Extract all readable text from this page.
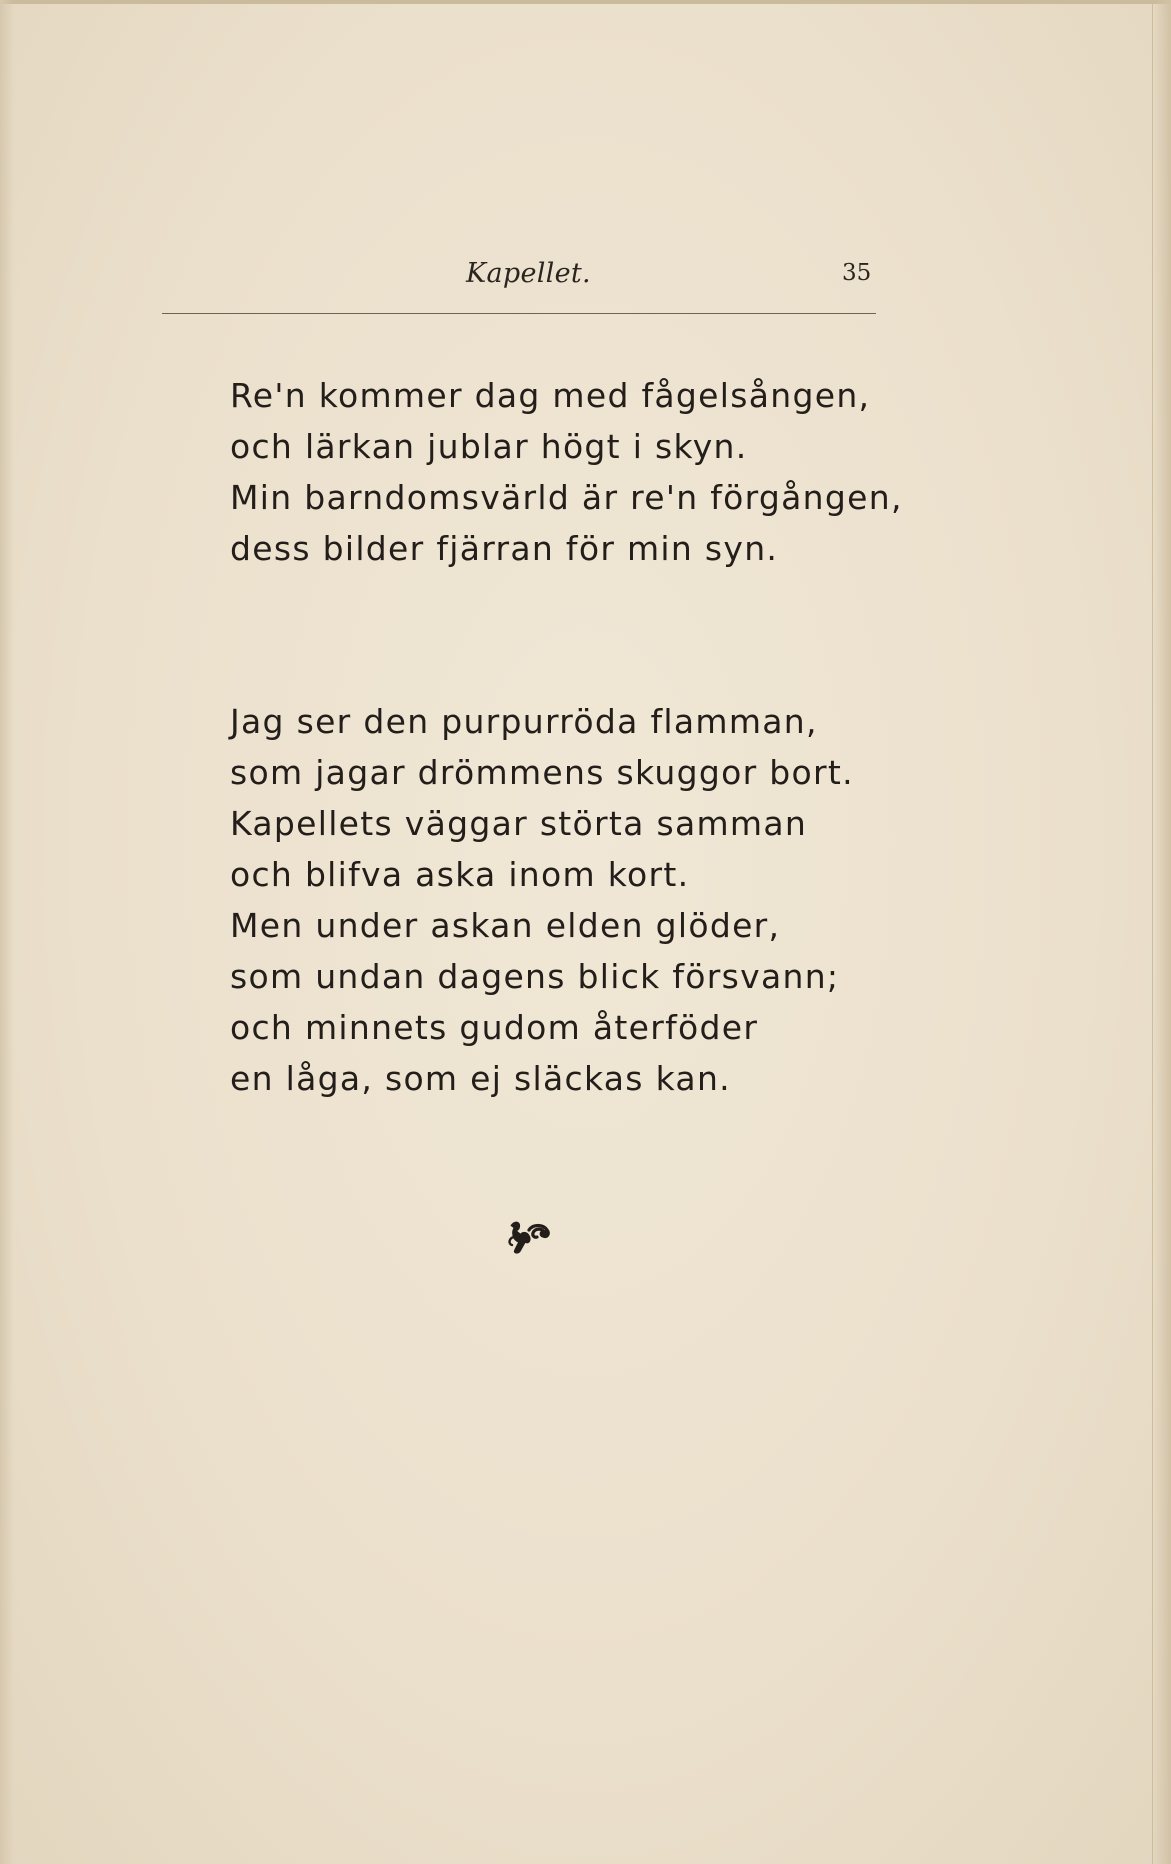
Kapellet.	35
Re'n kommer dag med fågelsången,
och lärkan jublar högt i skyn.
Min barndomsvärld är re'n förgången,
dess bilder fjärran för min syn.
Jag ser den purpurröda flamman,
som jagar drömmens skuggor bort.
Kapellets väggar störta samman
och blifva aska inom kort.
Men under askan elden glöder,
som undan dagens blick försvann;
och minnets gudom återföder
en låga, som ej släckas kan.
